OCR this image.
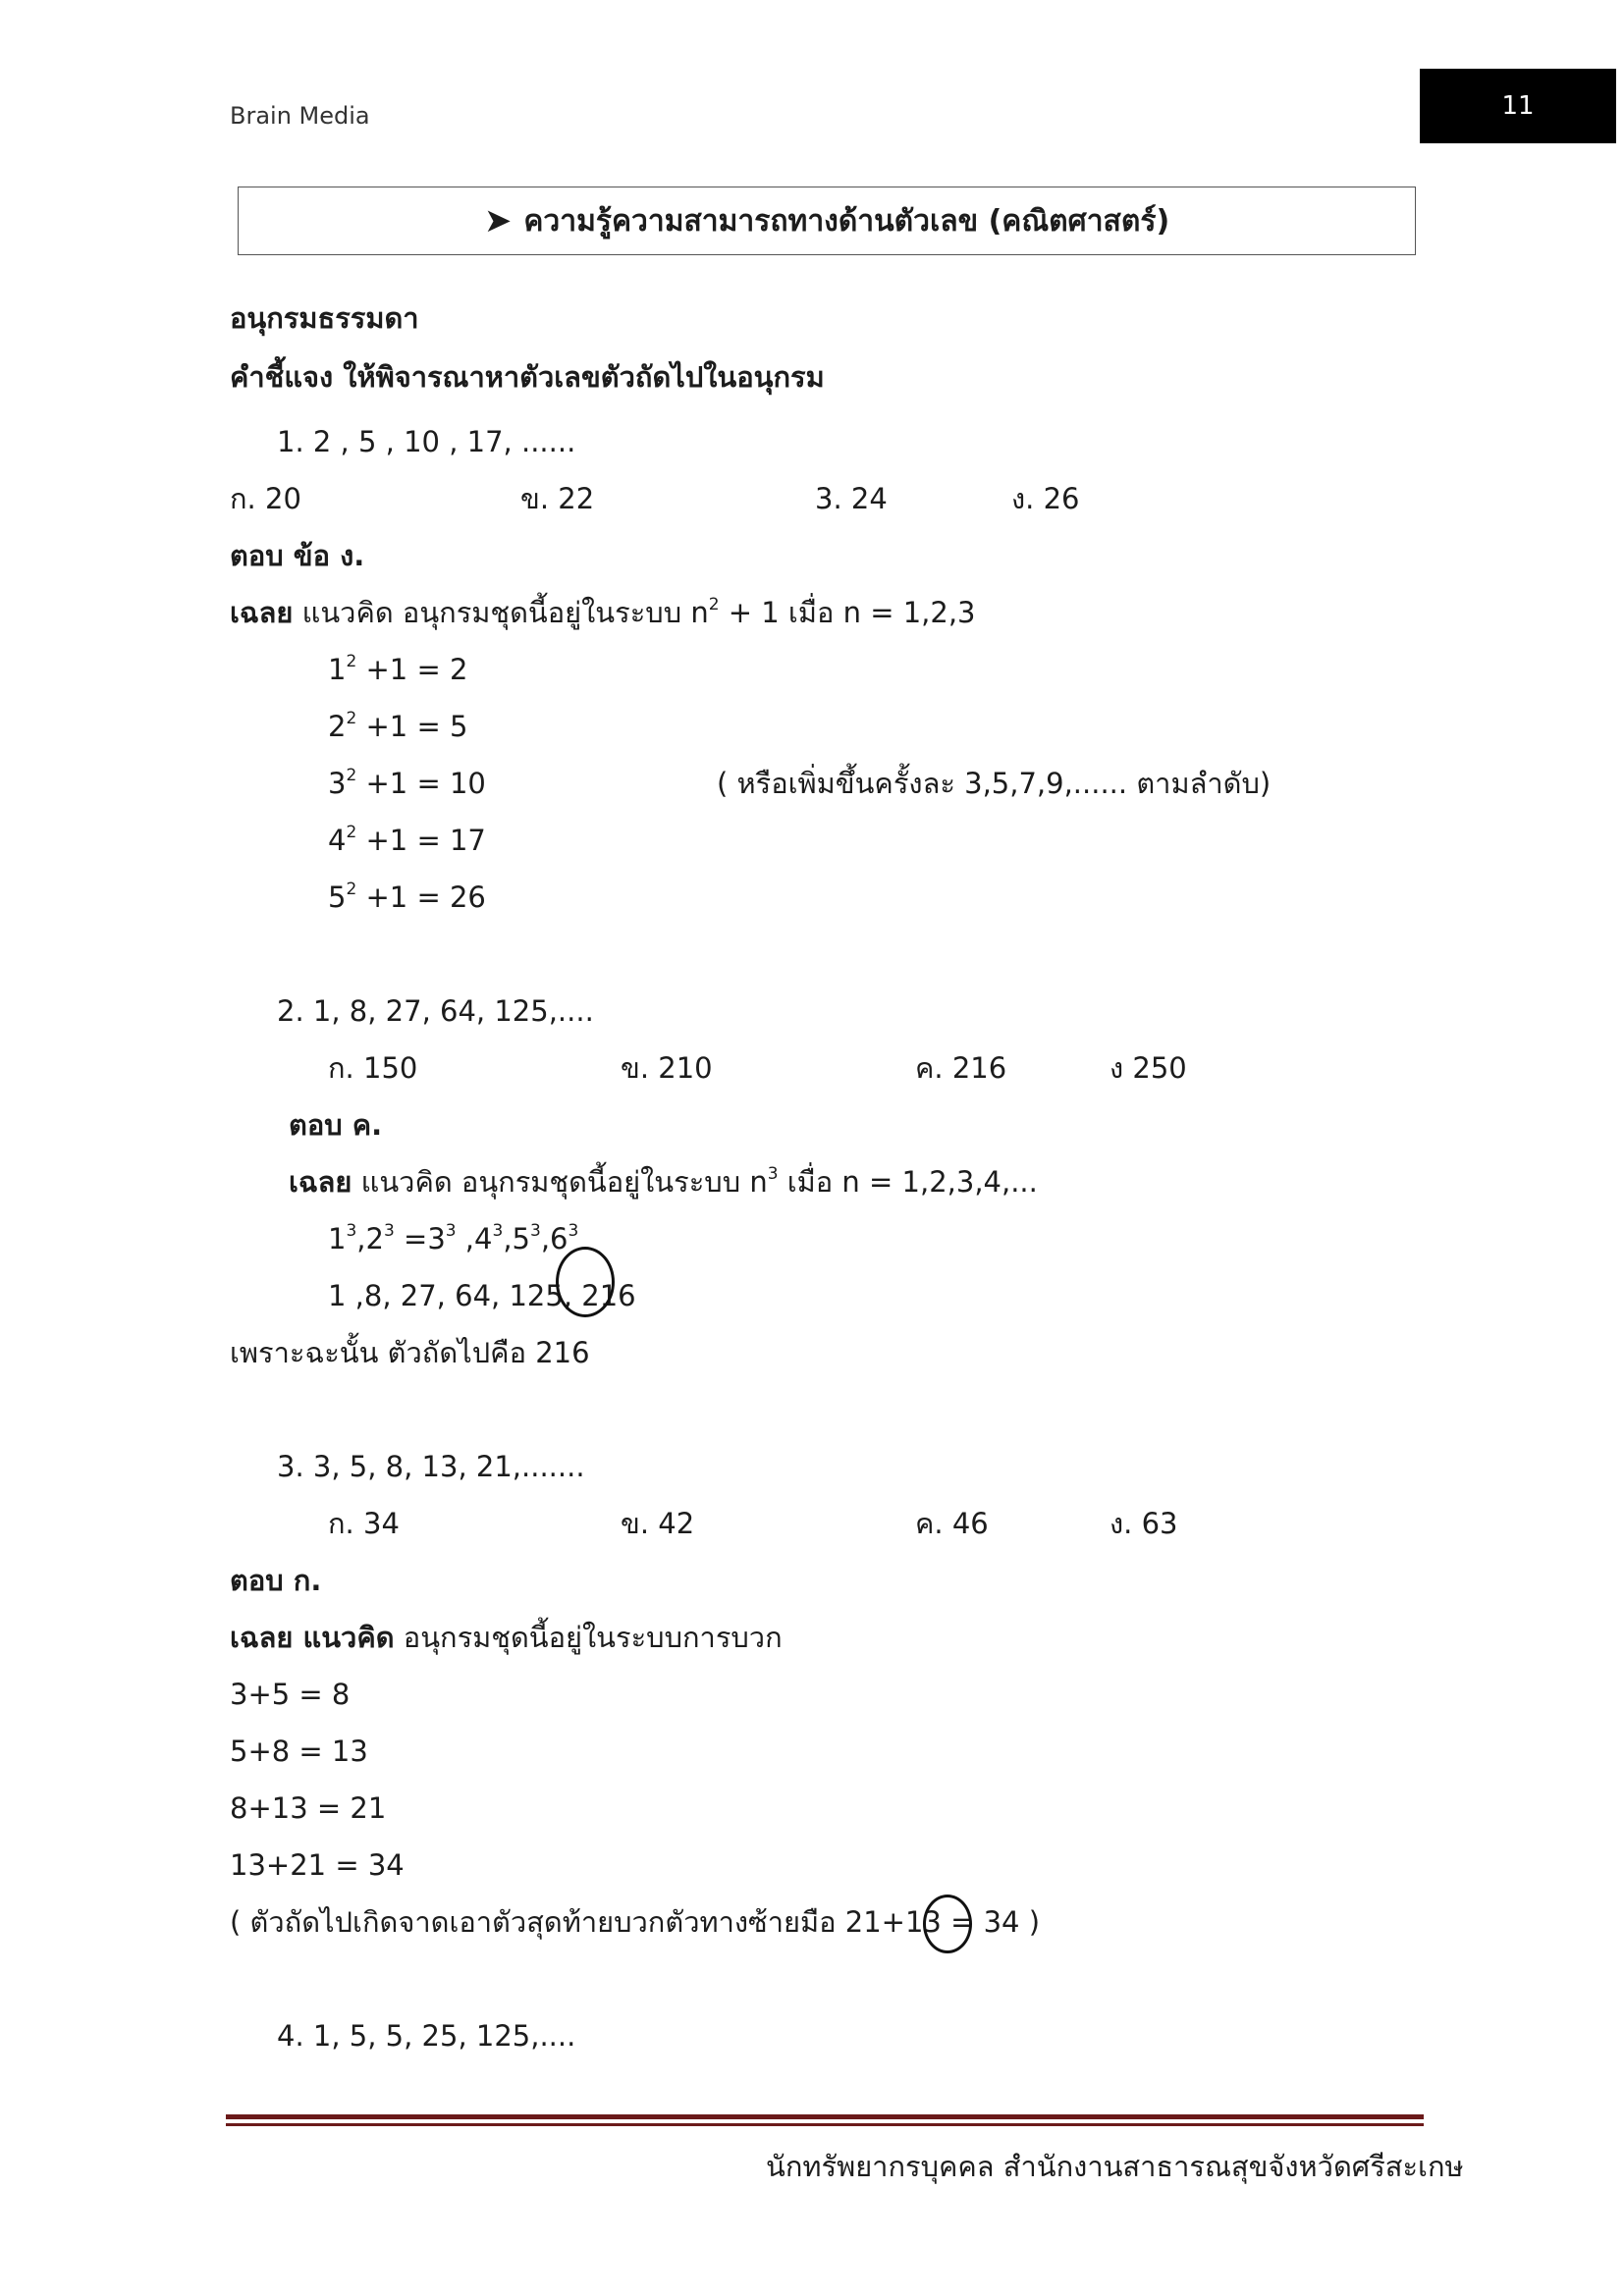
Brain Media	11
➤ ความรู้ความสามารถทางด้านตัวเลข (คณิตศาสตร์)
อนุกรมธรรมดา
คำชี้แจง ให้พิจารณาหาตัวเลขตัวถัดไปในอนุกรม
1. 2 , 5 , 10 , 17, ......
ก. 20	ข. 22	3. 24	ง. 26
ตอบ ข้อ ง.
เฉลย แนวคิด อนุกรมชุดนี้อยู่ในระบบ $n^2 + 1$ เมื่อ n = 1,2,3
$1^2 +1 = 2$
$2^2 +1 = 5$
$3^2 +1 = 10$
$4^2 +1 = 17$
$5^2 +1 = 26$
( หรือเพิ่มขึ้นครั้งละ 3,5,7,9,...... ตามลำดับ)
2. 1, 8, 27, 64, 125,....
ก. 150	ข. 210	ค. 216	ง 250
ตอบ ค.
เฉลย แนวคิด อนุกรมชุดนี้อยู่ในระบบ $n^3$ เมื่อ n = 1,2,3,4,...
$1^3,2^3 =3^3$ $,4^3,5^3,6^3$
1 ,8, 27, 64, 125, 216
เพราะฉะนั้น ตัวถัดไปคือ 216
3. 3, 5, 8, 13, 21,.......
ก. 34	ข. 42	ค. 46	ง. 63
ตอบ ก.
เฉลย แนวคิด อนุกรมชุดนี้อยู่ในระบบการบวก
3+5 = 8
5+8 = 13
8+13 = 21
13+21 = 34
( ตัวถัดไปเกิดจาดเอาตัวสุดท้ายบวกตัวทางซ้ายมือ 21+13 = 34 )
4. 1, 5, 5, 25, 125,....
นักทรัพยากรบุคคล สำนักงานสาธารณสุขจังหวัดศรีสะเกษ
